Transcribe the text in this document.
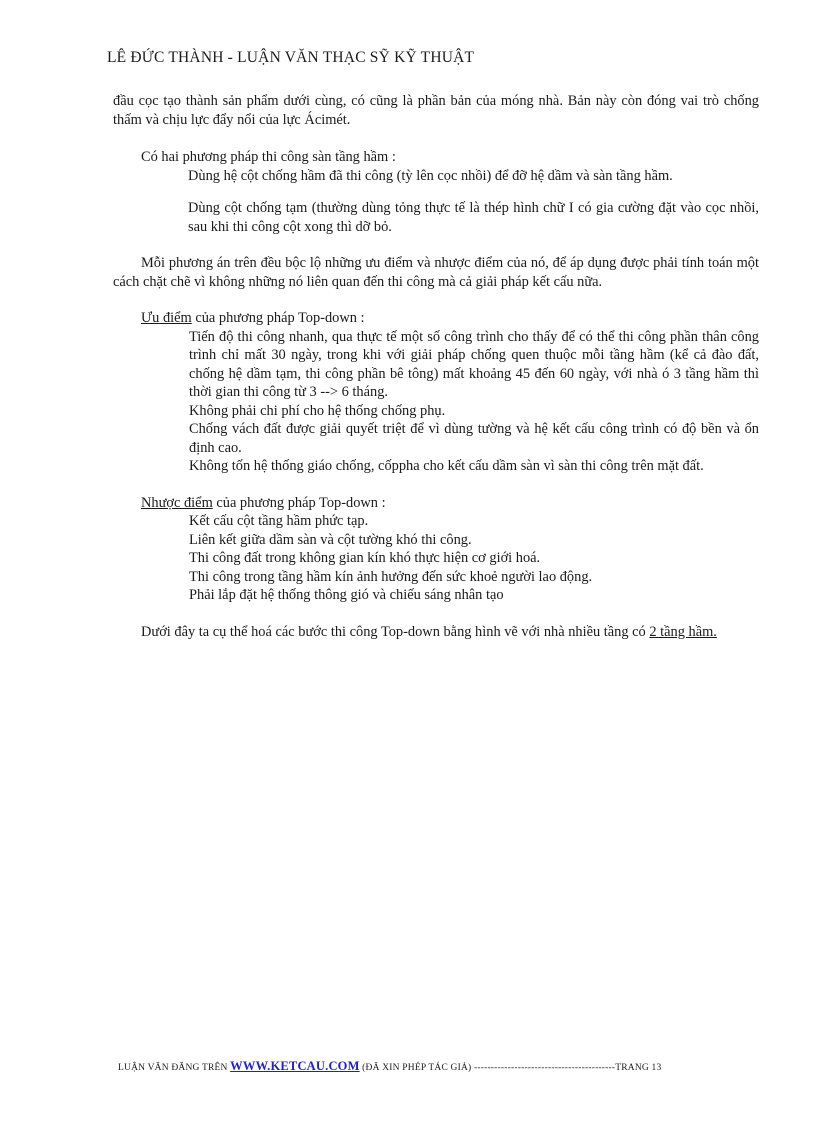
LÊ ĐỨC THÀNH - LUẬN VĂN THẠC SỸ KỸ THUẬT

đầu cọc tạo thành sản phẩm dưới cùng, có cũng là phần bản của móng nhà. Bản này còn đóng vai trò chống thấm và chịu lực đẩy nổi của lực Ácimét.

Có hai phương pháp thi công sàn tầng hầm :

Dùng hệ cột chống hầm đã thi công (tỳ lên cọc nhồi) để đỡ hệ dầm và sàn tầng hầm.

Dùng cột chống tạm (thường dùng tỏng thực tế là thép hình chữ I có gia cường đặt vào cọc nhồi, sau khi thi công cột xong thì dỡ bỏ.

Mỗi phương án trên đều bộc lộ những ưu điểm và nhược điểm của nó, để áp dụng được phải tính toán một cách chặt chẽ vì không những nó liên quan đến thi công mà cả giải pháp kết cấu nữa.

Ưu điểm của phương pháp Top-down :

Tiến độ thi công nhanh, qua thực tế một số công trình cho thấy để có thể thi công phần thân công trình chỉ mất 30 ngày, trong khi với giải pháp chống quen thuộc mỗi tầng hầm (kể cả đào đất, chống hệ dầm tạm, thi công phần bê tông) mất khoảng 45 đến 60 ngày, với nhà ó 3 tầng hầm thì thời gian thi công từ 3 --> 6 tháng.

Không phải chi phí cho hệ thống chống phụ.

Chống vách đất được giải quyết triệt để vì dùng tường và hệ kết cấu công trình có độ bền và ổn định cao.

Không tốn hệ thống giáo chống, cốppha cho kết cấu dầm sàn vì sàn thi công trên mặt đất.

Nhược điểm của phương pháp Top-down :

Kết cấu cột tầng hầm phức tạp.

Liên kết giữa dầm sàn và cột tường khó thi công.

Thi công đất trong không gian kín khó thực hiện cơ giới hoá.

Thi công trong tầng hầm kín ảnh hưởng đến sức khoẻ người lao động.

Phải lắp đặt hệ thống thông gió và chiếu sáng nhân tạo

Dưới đây ta cụ thể hoá các bước thi công Top-down bằng hình vẽ với nhà nhiều tầng có 2 tầng hầm.

LUẬN VĂN ĐĂNG TRÊN WWW.KETCAU.COM (ĐÃ XIN PHÉP TÁC GIẢ) ------------------------------------------TRANG 13
